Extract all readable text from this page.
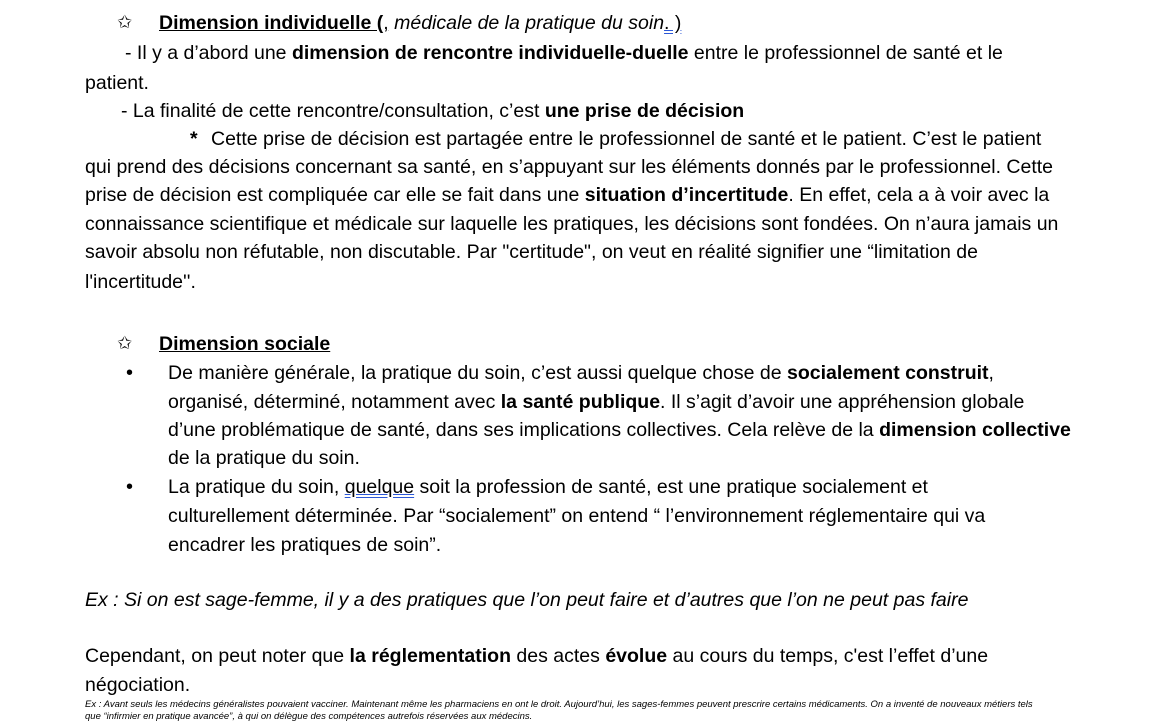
✩ Dimension individuelle (, médicale de la pratique du soin. )
- Il y a d’abord une dimension de rencontre individuelle-duelle entre le professionnel de santé et le
patient.
- La finalité de cette rencontre/consultation, c’est une prise de décision
* Cette prise de décision est partagée entre le professionnel de santé et le patient. C’est le patient
qui prend des décisions concernant sa santé, en s’appuyant sur les éléments donnés par le professionnel. Cette
prise de décision est compliquée car elle se fait dans une situation d’incertitude. En effet, cela a à voir avec la
connaissance scientifique et médicale sur laquelle les pratiques, les décisions sont fondées. On n’aura jamais un
savoir absolu non réfutable, non discutable. Par "certitude", on veut en réalité signifier une “limitation de
l'incertitude''.
✩ Dimension sociale
• De manière générale, la pratique du soin, c’est aussi quelque chose de socialement construit,
organisé, déterminé, notamment avec la santé publique. Il s’agit d’avoir une appréhension globale
d’une problématique de santé, dans ses implications collectives. Cela relève de la dimension collective
de la pratique du soin.
• La pratique du soin, quelque soit la profession de santé, est une pratique socialement et
culturellement déterminée. Par “socialement” on entend “ l’environnement réglementaire qui va
encadrer les pratiques de soin”.
Ex : Si on est sage-femme, il y a des pratiques que l’on peut faire et d’autres que l’on ne peut pas faire
Cependant, on peut noter que la réglementation des actes évolue au cours du temps, c'est l’effet d’une
négociation.
Ex : Avant seuls les médecins généralistes pouvaient vacciner. Maintenant même les pharmaciens en ont le droit. Aujourd’hui, les sages-femmes peuvent prescrire certains médicaments. On a inventé de nouveaux métiers tels
que “infirmier en pratique avancée”, à qui on délègue des compétences autrefois réservées aux médecins.
